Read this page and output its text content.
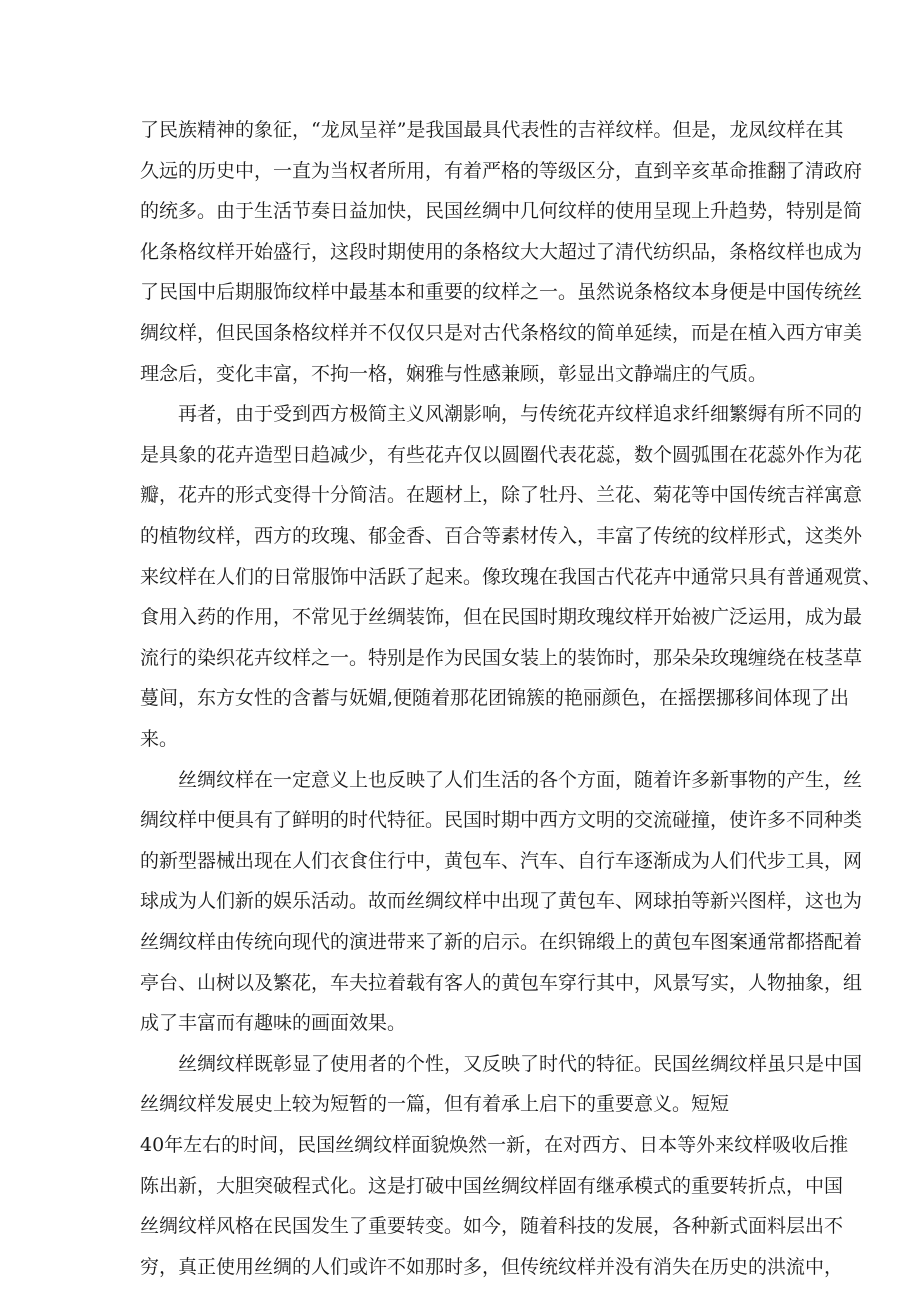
了民族精神的象征，“龙凤呈祥”是我国最具代表性的吉祥纹样。但是，龙凤纹样在其
久远的历史中，一直为当权者所用，有着严格的等级区分，直到辛亥革命推翻了清政府
的统多。由于生活节奏日益加快，民国丝绸中几何纹样的使用呈现上升趋势，特别是简
化条格纹样开始盛行，这段时期使用的条格纹大大超过了清代纺织品，条格纹样也成为
了民国中后期服饰纹样中最基本和重要的纹样之一。虽然说条格纹本身便是中国传统丝
绸纹样，但民国条格纹样并不仅仅只是对古代条格纹的简单延续，而是在植入西方审美
理念后，变化丰富，不拘一格，娴雅与性感兼顾，彰显出文静端庄的气质。
再者，由于受到西方极简主义风潮影响，与传统花卉纹样追求纤细繁缛有所不同的
是具象的花卉造型日趋减少，有些花卉仅以圆圈代表花蕊，数个圆弧围在花蕊外作为花
瓣，花卉的形式变得十分简洁。在题材上，除了牡丹、兰花、菊花等中国传统吉祥寓意
的植物纹样，西方的玫瑰、郁金香、百合等素材传入，丰富了传统的纹样形式，这类外
来纹样在人们的日常服饰中活跃了起来。像玫瑰在我国古代花卉中通常只具有普通观赏、
食用入药的作用，不常见于丝绸装饰，但在民国时期玫瑰纹样开始被广泛运用，成为最
流行的染织花卉纹样之一。特别是作为民国女装上的装饰时，那朵朵玫瑰缠绕在枝茎草
蔓间，东方女性的含蓄与妩媚,便随着那花团锦簇的艳丽颜色，在摇摆挪移间体现了出
来。
丝绸纹样在一定意义上也反映了人们生活的各个方面，随着许多新事物的产生，丝
绸纹样中便具有了鲜明的时代特征。民国时期中西方文明的交流碰撞，使许多不同种类
的新型器械出现在人们衣食住行中，黄包车、汽车、自行车逐渐成为人们代步工具，网
球成为人们新的娱乐活动。故而丝绸纹样中出现了黄包车、网球拍等新兴图样，这也为
丝绸纹样由传统向现代的演进带来了新的启示。在织锦缎上的黄包车图案通常都搭配着
亭台、山树以及繁花，车夫拉着载有客人的黄包车穿行其中，风景写实，人物抽象，组
成了丰富而有趣味的画面效果。
丝绸纹样既彰显了使用者的个性，又反映了时代的特征。民国丝绸纹样虽只是中国
丝绸纹样发展史上较为短暂的一篇，但有着承上启下的重要意义。短短
40年左右的时间，民国丝绸纹样面貌焕然一新，在对西方、日本等外来纹样吸收后推
陈出新，大胆突破程式化。这是打破中国丝绸纹样固有继承模式的重要转折点，中国
丝绸纹样风格在民国发生了重要转变。如今，随着科技的发展，各种新式面料层出不
穷，真正使用丝绸的人们或许不如那时多，但传统纹样并没有消失在历史的洪流中，
